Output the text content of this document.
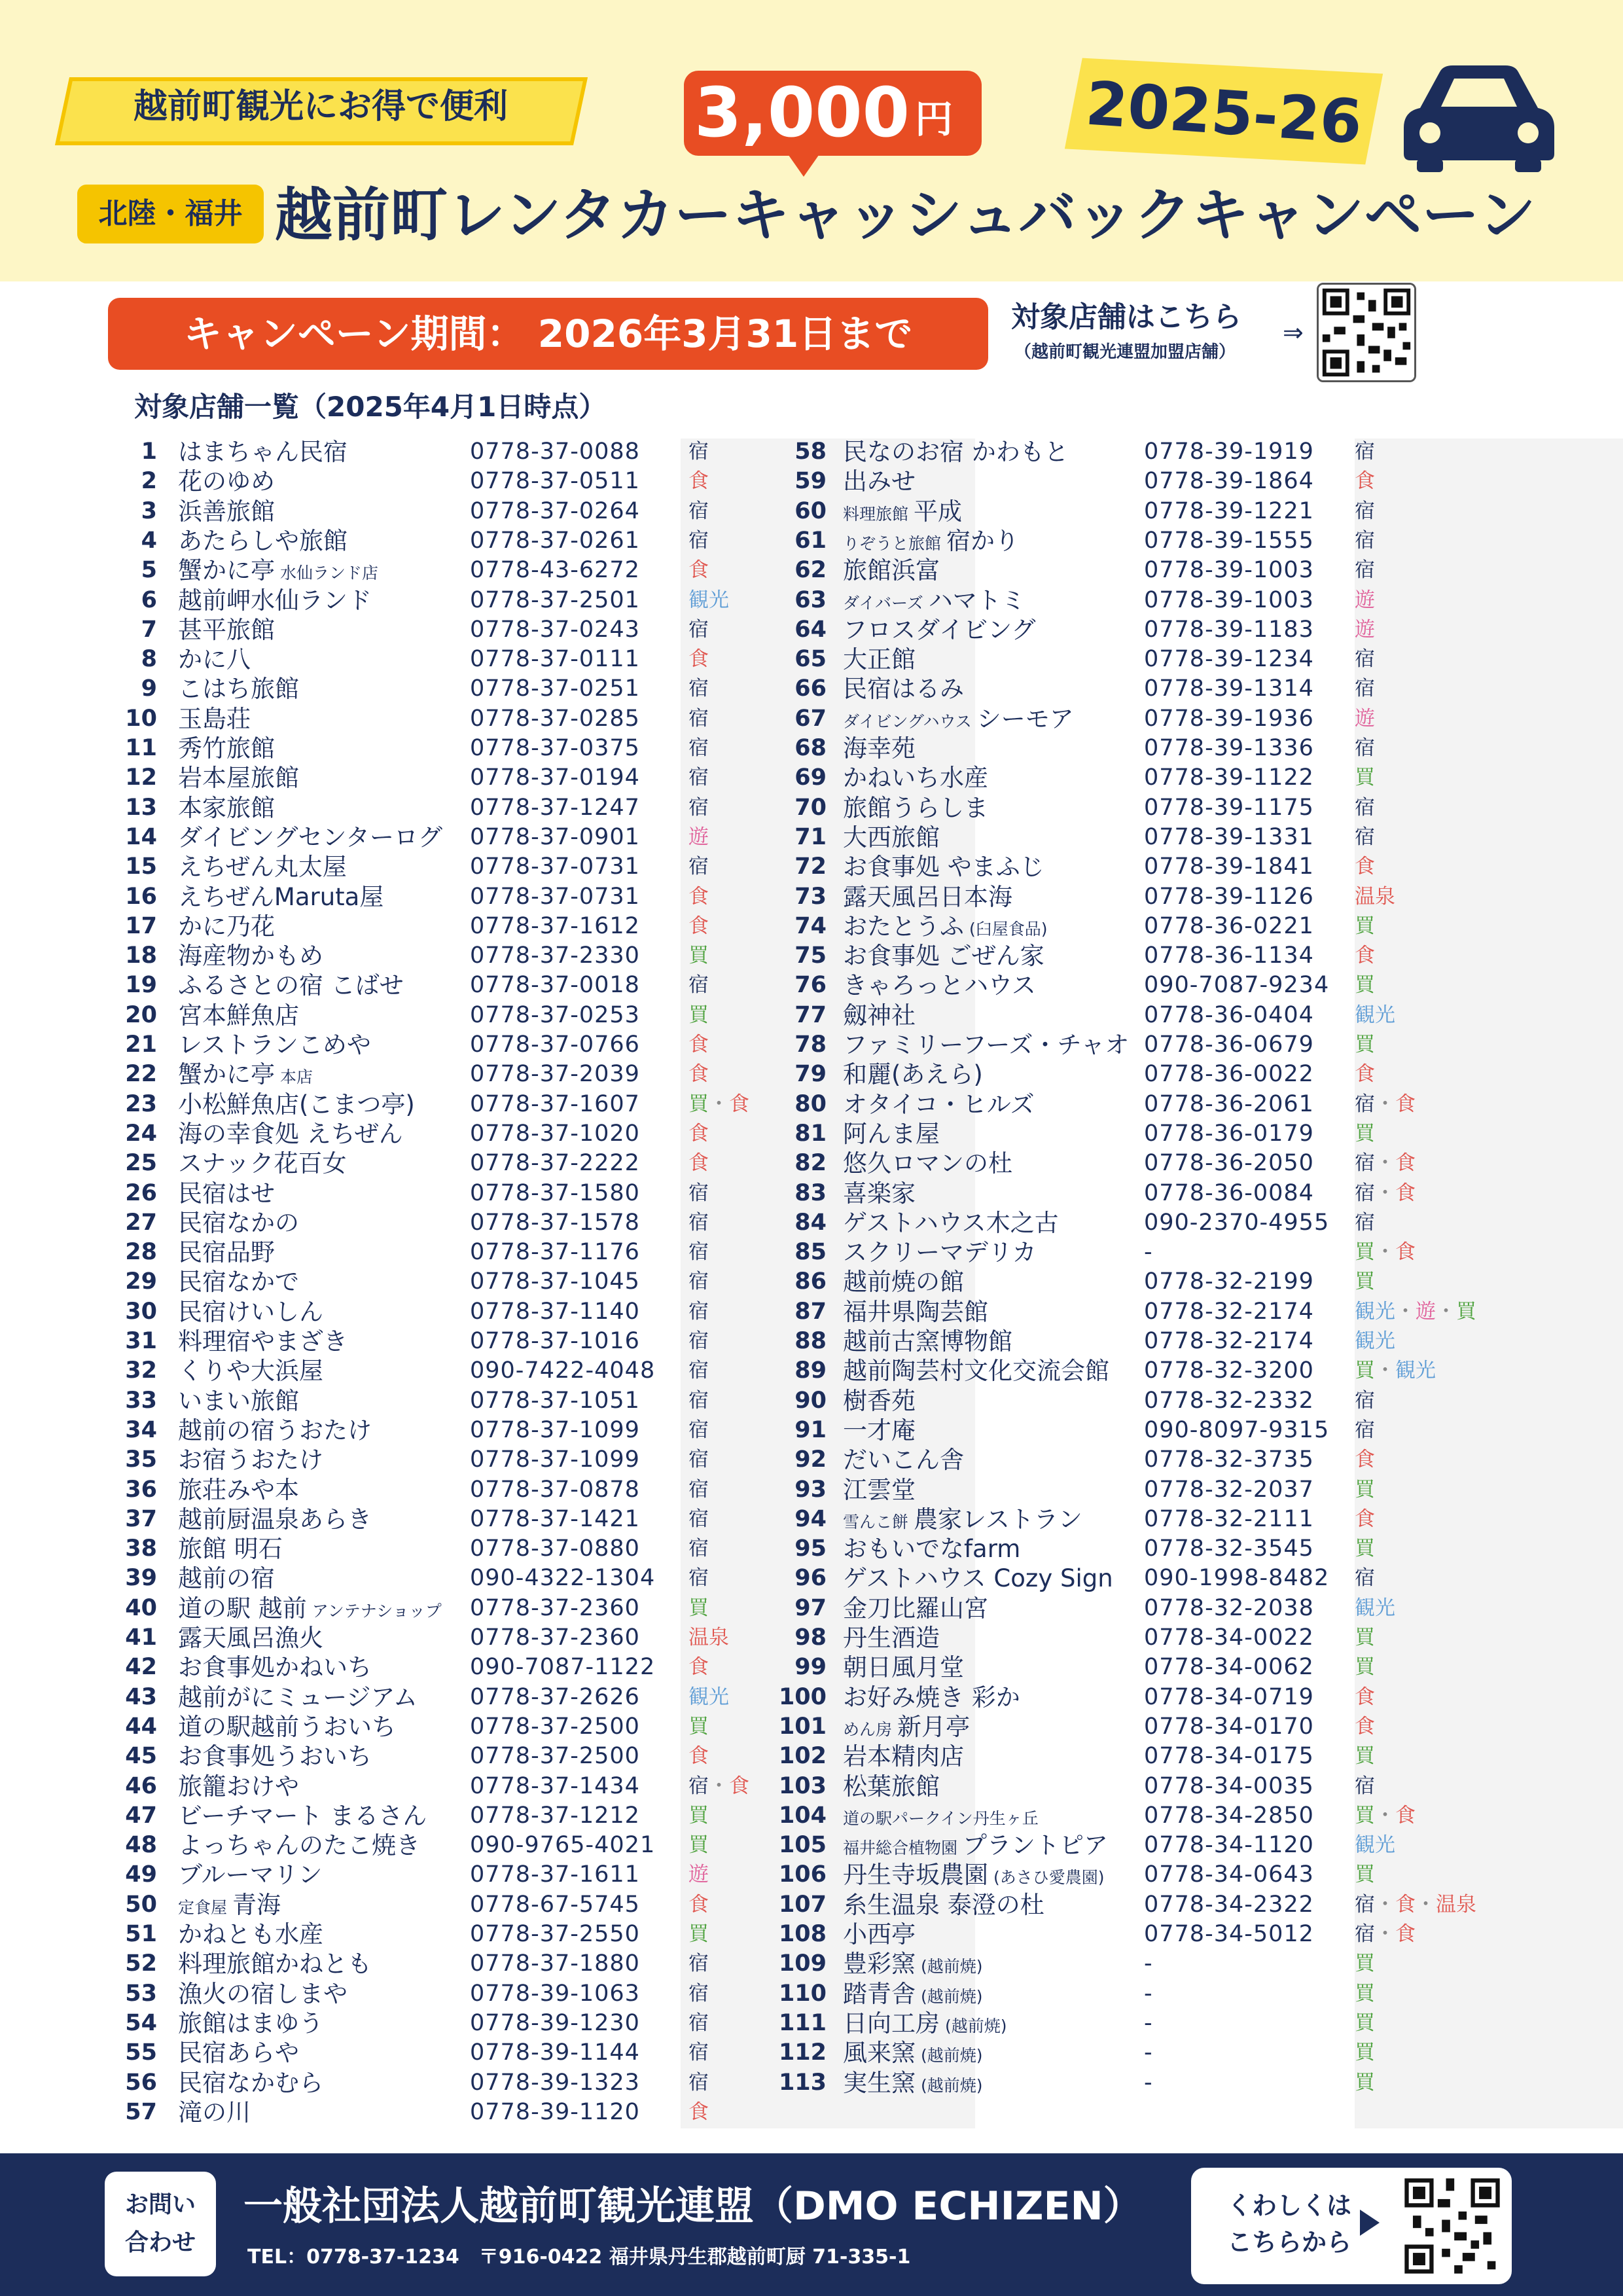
越前町観光にお得で便利	3,000 円 2025-26
北陸・福井 越前町レンタカーキャッシュバックキャンペーン
キャンペーン期間： 2026年3月31日まで	対象店舗はこちら
（越前町観光連盟加盟店舗）
⇒
対象店舗一覧（2025年4月1日時点）
1 はまちゃん民宿	0778-37-0088 宿
2 花のゆめ	0778-37-0511 食
3 浜善旅館	0778-37-0264 宿
4 あたらしや旅館	0778-37-0261 宿
5 蟹かに亭 水仙ランド店	0778-43-6272 食
6 越前岬水仙ランド	0778-37-2501 観光
7 甚平旅館	0778-37-0243 宿
8 かに八	0778-37-0111 食
9 こはち旅館	0778-37-0251 宿
10 玉島荘	0778-37-0285 宿
11 秀竹旅館	0778-37-0375 宿
12 岩本屋旅館	0778-37-0194 宿
13 本家旅館	0778-37-1247 宿
14 ダイビングセンターログ 0778-37-0901 遊
15 えちぜん丸太屋	0778-37-0731 宿
16 えちぜんMaruta屋	0778-37-0731 食
17 かに乃花	0778-37-1612 食
18 海産物かもめ	0778-37-2330 買
19 ふるさとの宿 こばせ	0778-37-0018 宿
20 宮本鮮魚店	0778-37-0253 買
21 レストランこめや	0778-37-0766 食
22 蟹かに亭 本店	0778-37-2039 食
23 小松鮮魚店(こまつ亭) 0778-37-1607 買・食
24 海の幸食処 えちぜん	0778-37-1020 食
25 スナック花百女	0778-37-2222 食
26 民宿はせ	0778-37-1580 宿
27 民宿なかの	0778-37-1578 宿
28 民宿品野	0778-37-1176 宿
29 民宿なかで	0778-37-1045 宿
30 民宿けいしん	0778-37-1140 宿
31 料理宿やまざき	0778-37-1016 宿
32 くりや大浜屋	090-7422-4048 宿
33 いまい旅館	0778-37-1051 宿
34 越前の宿うおたけ	0778-37-1099 宿
35 お宿うおたけ	0778-37-1099 宿
36 旅荘みや本	0778-37-0878 宿
37 越前厨温泉あらき	0778-37-1421 宿
38 旅館 明石	0778-37-0880 宿
39 越前の宿	090-4322-1304 宿
40 道の駅 越前 アンテナショップ 0778-37-2360 買
41 露天風呂漁火	0778-37-2360 温泉
42 お食事処かねいち	090-7087-1122 食
43 越前がにミュージアム 0778-37-2626 観光
44 道の駅越前うおいち	0778-37-2500 買
45 お食事処うおいち	0778-37-2500 食
46 旅籠おけや	0778-37-1434 宿・食
47 ビーチマート まるさん 0778-37-1212 買
48 よっちゃんのたこ焼き 090-9765-4021 買
49 ブルーマリン	0778-37-1611 遊
50 定食屋 青海	0778-67-5745 食
51 かねとも水産	0778-37-2550 買
52 料理旅館かねとも	0778-37-1880 宿
53 漁火の宿しまや	0778-39-1063 宿
54 旅館はまゆう	0778-39-1230 宿
55 民宿あらや	0778-39-1144 宿
56 民宿なかむら	0778-39-1323 宿
57 滝の川	0778-39-1120 食
58 民なのお宿 かわもと	0778-39-1919 宿
59 出みせ	0778-39-1864 食
60 料理旅館 平成	0778-39-1221 宿
61 りぞうと旅館 宿かり	0778-39-1555 宿
62 旅館浜富	0778-39-1003 宿
63 ダイバーズ ハマトミ	0778-39-1003 遊
64 フロスダイビング	0778-39-1183 遊
65 大正館	0778-39-1234 宿
66 民宿はるみ	0778-39-1314 宿
67 ダイビングハウス シーモア	0778-39-1936 遊
68 海幸苑	0778-39-1336 宿
69 かねいち水産	0778-39-1122 買
70 旅館うらしま	0778-39-1175 宿
71 大西旅館	0778-39-1331 宿
72 お食事処 やまふじ	0778-39-1841 食
73 露天風呂日本海	0778-39-1126 温泉
74 おたとうふ (臼屋食品)	0778-36-0221 買
75 お食事処 ごぜん家	0778-36-1134 食
76 きゃろっとハウス	090-7087-9234 買
77 劔神社	0778-36-0404 観光
78 ファミリーフーズ・チャオ 0778-36-0679 買
79 和麗(あえら)	0778-36-0022 食
80 オタイコ・ヒルズ	0778-36-2061 宿・食
81 阿んま屋	0778-36-0179 買
82 悠久ロマンの杜	0778-36-2050 宿・食
83 喜楽家	0778-36-0084 宿・食
84 ゲストハウス木之古	090-2370-4955 宿
85 スクリーマデリカ	-	買・食
86 越前焼の館	0778-32-2199 買
87 福井県陶芸館	0778-32-2174 観光・遊・買
88 越前古窯博物館	0778-32-2174 観光
89 越前陶芸村文化交流会館 0778-32-3200 買・観光
90 樹香苑	0778-32-2332 宿
91 一才庵	090-8097-9315 宿
92 だいこん舎	0778-32-3735 食
93 江雲堂	0778-32-2037 買
94 雪んこ餅 農家レストラン	0778-32-2111 食
95 おもいでなfarm	0778-32-3545 買
96 ゲストハウス Cozy Sign 090-1998-8482 宿
97 金刀比羅山宮	0778-32-2038 観光
98 丹生酒造	0778-34-0022 買
99 朝日風月堂	0778-34-0062 買
100 お好み焼き 彩か	0778-34-0719 食
101 めん房 新月亭	0778-34-0170 食
102 岩本精肉店	0778-34-0175 買
103 松葉旅館	0778-34-0035 宿
104 道の駅パークイン丹生ヶ丘	0778-34-2850 買・食
105 福井総合植物園 プラントピア 0778-34-1120 観光
106 丹生寺坂農園 (あさひ愛農園) 0778-34-0643 買
107 糸生温泉 泰澄の杜	0778-34-2322 宿・食・温泉
108 小西亭	0778-34-5012 宿・食
109 豊彩窯 (越前焼)	-	買
110 踏青舎 (越前焼)	-	買
111 日向工房 (越前焼)	-	買
112 風来窯 (越前焼)	-	買
113 実生窯 (越前焼)	-	買
お問い
合わせ
一般社団法人越前町観光連盟（DMO ECHIZEN）
TEL：0778-37-1234　〒916-0422 福井県丹生郡越前町厨 71-335-1
くわしくは
こちらから
